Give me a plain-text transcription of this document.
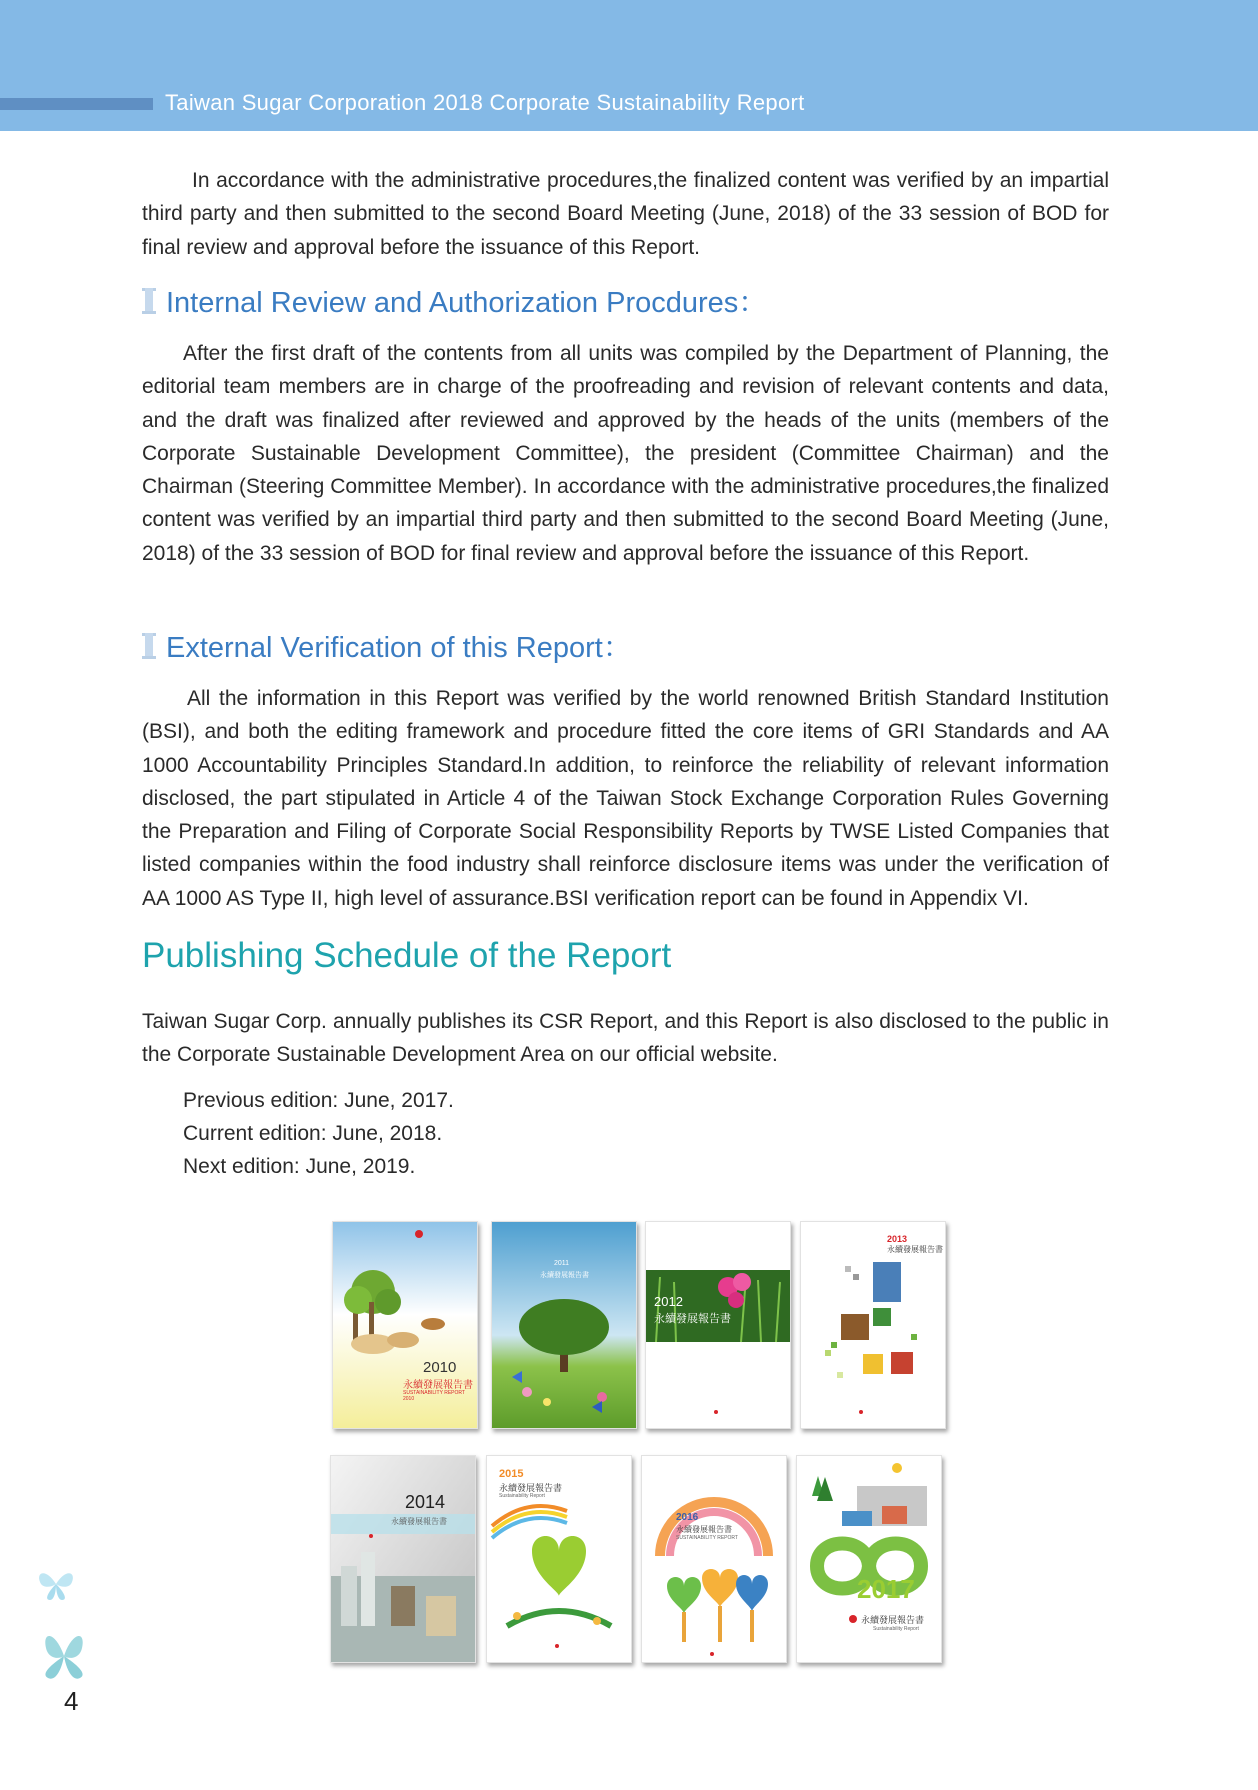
Taiwan Sugar Corporation 2018 Corporate Sustainability Report

In accordance with the administrative procedures,the finalized content was verified by an impartial third party and then submitted to the second Board Meeting (June, 2018) of the 33 session of BOD for final review and approval before the issuance of this Report.

Internal Review and Authorization Procdures：

After the first draft of the contents from all units was compiled by the Department of Planning, the editorial team members are in charge of the proofreading and revision of relevant contents and data, and the draft was finalized after reviewed and approved by the heads of the units (members of the Corporate Sustainable Development Committee), the president (Committee Chairman) and the Chairman (Steering Committee Member). In accordance with the administrative procedures,the finalized content was verified by an impartial third party and then submitted to the second Board Meeting (June, 2018) of the 33 session of BOD for final review and approval before the issuance of this Report.

External Verification of this Report：

All the information in this Report was verified by the world renowned British Standard Institution (BSI), and both the editing framework and procedure fitted the core items of GRI Standards and AA 1000 Accountability Principles Standard.In addition, to reinforce the reliability of relevant information disclosed, the part stipulated in Article 4 of the Taiwan Stock Exchange Corporation Rules Governing the Preparation and Filing of Corporate Social Responsibility Reports by TWSE Listed Companies that listed companies within the food industry shall reinforce disclosure items was under the verification of AA 1000 AS Type II, high level of assurance.BSI verification report can be found in Appendix VI.

Publishing Schedule of the Report

Taiwan Sugar Corp. annually publishes its CSR Report, and this Report is also disclosed to the public in the Corporate Sustainable Development Area on our official website.

Previous edition: June, 2017.
Current edition: June, 2018.
Next edition: June, 2019.
2010
永續發展報告書
SUSTAINABILITY REPORT 2010
2011
永續發展報告書
2012
永續發展報告書
2013
永續發展報告書
2014
永續發展報告書
2015
永續發展報告書
Sustainability Report
2016
永續發展報告書
SUSTAINABILITY REPORT
2017
永續發展報告書
Sustainability Report
4
